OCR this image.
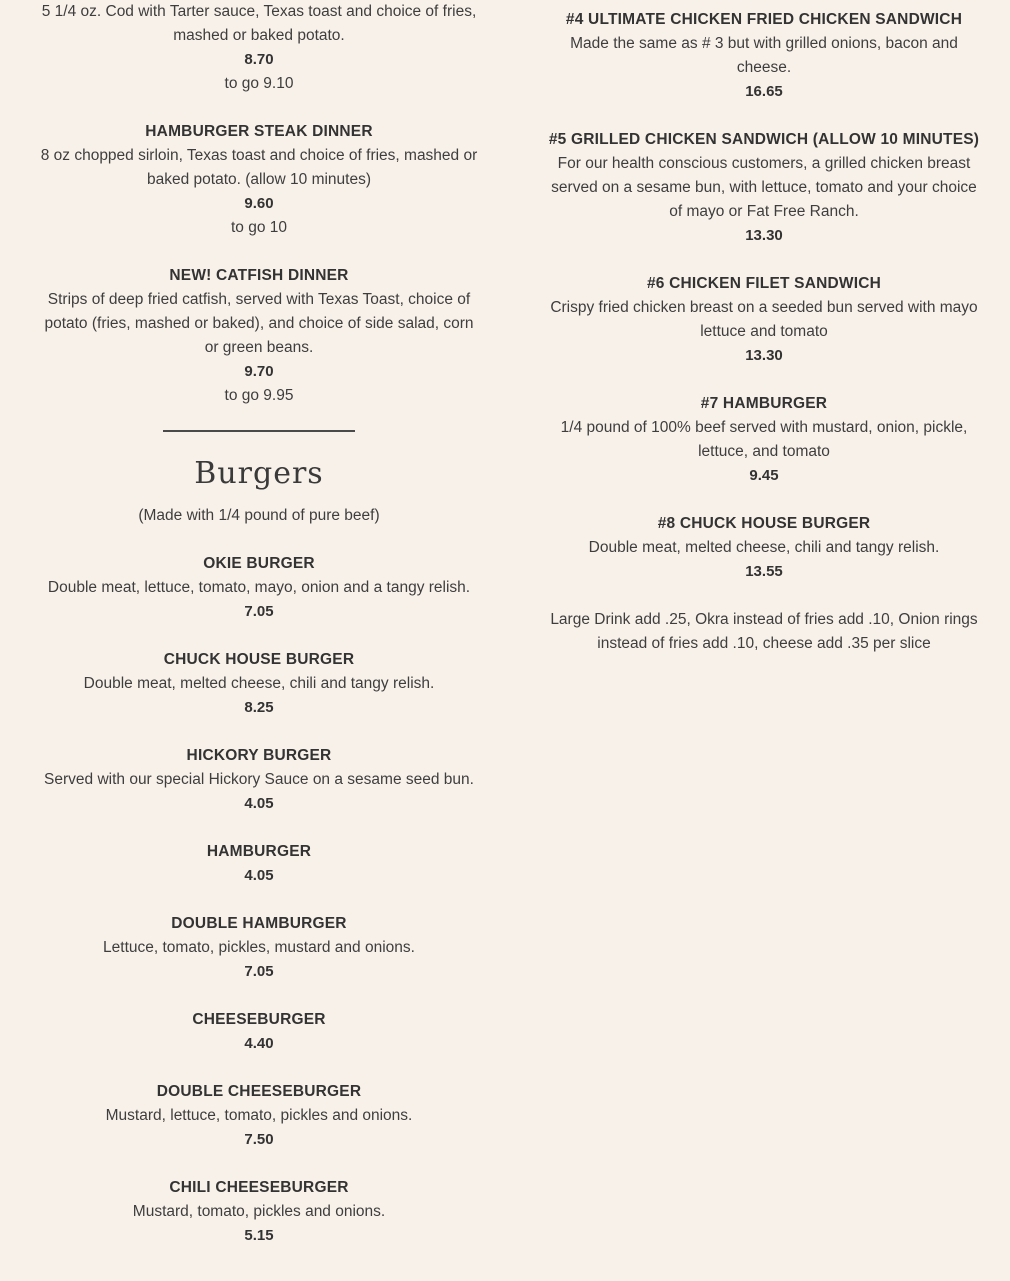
5 1/4 oz. Cod with Tarter sauce, Texas toast and choice of fries, mashed or baked potato.
8.70
to go 9.10
HAMBURGER STEAK DINNER
8 oz chopped sirloin, Texas toast and choice of fries, mashed or baked potato. (allow 10 minutes)
9.60
to go 10
NEW! CATFISH DINNER
Strips of deep fried catfish, served with Texas Toast, choice of potato (fries, mashed or baked), and choice of side salad, corn or green beans.
9.70
to go 9.95
Burgers
(Made with 1/4 pound of pure beef)
OKIE BURGER
Double meat, lettuce, tomato, mayo, onion and a tangy relish.
7.05
CHUCK HOUSE BURGER
Double meat, melted cheese, chili and tangy relish.
8.25
HICKORY BURGER
Served with our special Hickory Sauce on a sesame seed bun.
4.05
HAMBURGER
4.05
DOUBLE HAMBURGER
Lettuce, tomato, pickles, mustard and onions.
7.05
CHEESEBURGER
4.40
DOUBLE CHEESEBURGER
Mustard, lettuce, tomato, pickles and onions.
7.50
CHILI CHEESEBURGER
Mustard, tomato, pickles and onions.
5.15
#4 ULTIMATE CHICKEN FRIED CHICKEN SANDWICH
Made the same as # 3 but with grilled onions, bacon and cheese.
16.65
#5 GRILLED CHICKEN SANDWICH (ALLOW 10 MINUTES)
For our health conscious customers, a grilled chicken breast served on a sesame bun, with lettuce, tomato and your choice of mayo or Fat Free Ranch.
13.30
#6 CHICKEN FILET SANDWICH
Crispy fried chicken breast on a seeded bun served with mayo lettuce and tomato
13.30
#7 HAMBURGER
1/4 pound of 100% beef served with mustard, onion, pickle, lettuce, and tomato
9.45
#8 CHUCK HOUSE BURGER
Double meat, melted cheese, chili and tangy relish.
13.55
Large Drink add .25, Okra instead of fries add .10, Onion rings instead of fries add .10, cheese add .35 per slice
